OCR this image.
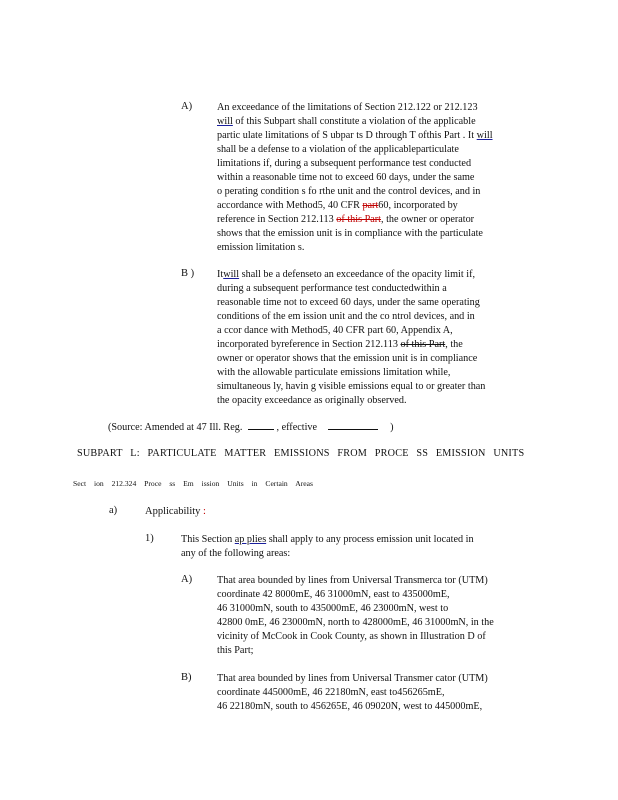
A) An exceedance of the limitations of Section 212.122 or 212.123
will of this Subpart shall constitute a violation of the applicable
partic ulate limitations of S ubpar ts D through T ofthis Part . It will
shall be a defense to a violation of the applicableparticulate
limitations if, during a subsequent performance test conducted
within a reasonable time not to exceed 60 days, under the same
o perating condition s fo rthe unit and the control devices, and in
accordance with Method5, 40 CFR part60, incorporated by
reference in Section 212.113 of this Part, the owner or operator
shows that the emission unit is in compliance with the particulate
emission limitation s.
B ) Itwill shall be a defenseto an exceedance of the opacity limit if,
during a subsequent performance test conductedwithin a
reasonable time not to exceed 60 days, under the same operating
conditions of the em ission unit and the co ntrol devices, and in
a ccor dance with Method5, 40 CFR part 60, Appendix A,
incorporated byreference in Section 212.113 of this Part, the
owner or operator shows that the emission unit is in compliance
with the allowable particulate emissions limitation while,
simultaneous ly, havin g visible emissions equal to or greater than
the opacity exceedance as originally observed.
(Source: Amended at 47 Ill. Reg.	, effective	)
SUBPART L: PARTICULATE MATTER EMISSIONS FROM PROCE SS EMISSION UNITS
Sect ion 212.324 Proce ss Em ission Units in Certain Areas
a)	Applicability :
1)	This Section ap plies shall apply to any process emission unit located in
any of the following areas:
A) That area bounded by lines from Universal Transmerca tor (UTM)
coordinate 42 8000mE, 46 31000mN, east to 435000mE,
46 31000mN, south to 435000mE, 46 23000mN, west to
42800 0mE, 46 23000mN, north to 428000mE, 46 31000mN, in the
vicinity of McCook in Cook County, as shown in Illustration D of
this Part;
B)	That area bounded by lines from Universal Transmer cator (UTM)
coordinate 445000mE, 46 22180mN, east to456265mE,
46 22180mN, south to 456265E, 46 09020N, west to 445000mE,
